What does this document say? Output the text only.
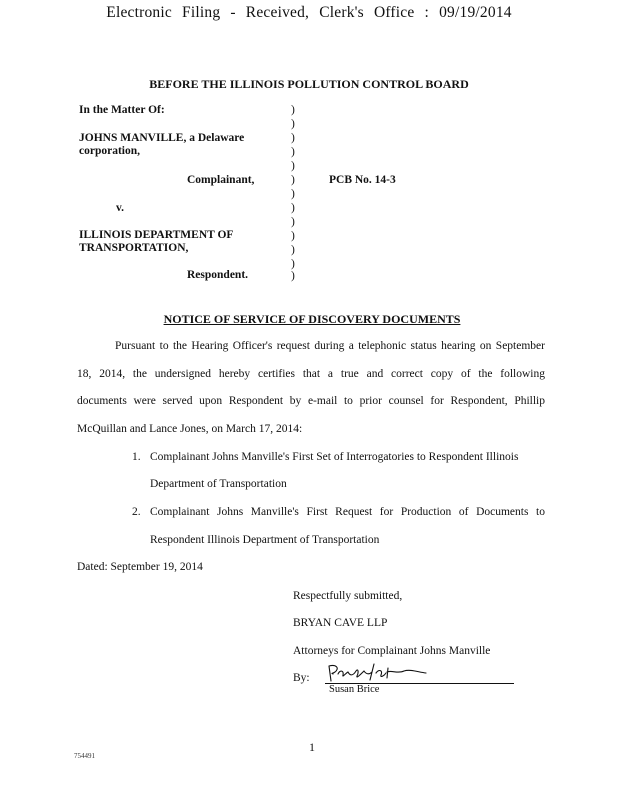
Electronic Filing - Received, Clerk's Office : 09/19/2014
BEFORE THE ILLINOIS POLLUTION CONTROL BOARD
In the Matter Of:
JOHNS MANVILLE, a Delaware
corporation,
Complainant,	PCB No. 14-3
v.
ILLINOIS DEPARTMENT OF
TRANSPORTATION,
Respondent.
)
)
)
)
)
)
)
)
)
)
)
)
)
NOTICE OF SERVICE OF DISCOVERY DOCUMENTS
Pursuant to the Hearing Officer's request during a telephonic status hearing on September
18, 2014, the undersigned hereby certifies that a true and correct copy of the following
documents were served upon Respondent by e-mail to prior counsel for Respondent, Phillip
McQuillan and Lance Jones, on March 17, 2014:
1. Complainant Johns Manville's First Set of Interrogatories to Respondent Illinois
Department of Transportation
2. Complainant Johns Manville's First Request for Production of Documents to
Respondent Illinois Department of Transportation
Dated: September 19, 2014
Respectfully submitted,
BRYAN CAVE LLP
Attorneys for Complainant Johns Manville
By:
Susan Brice
1
754491
